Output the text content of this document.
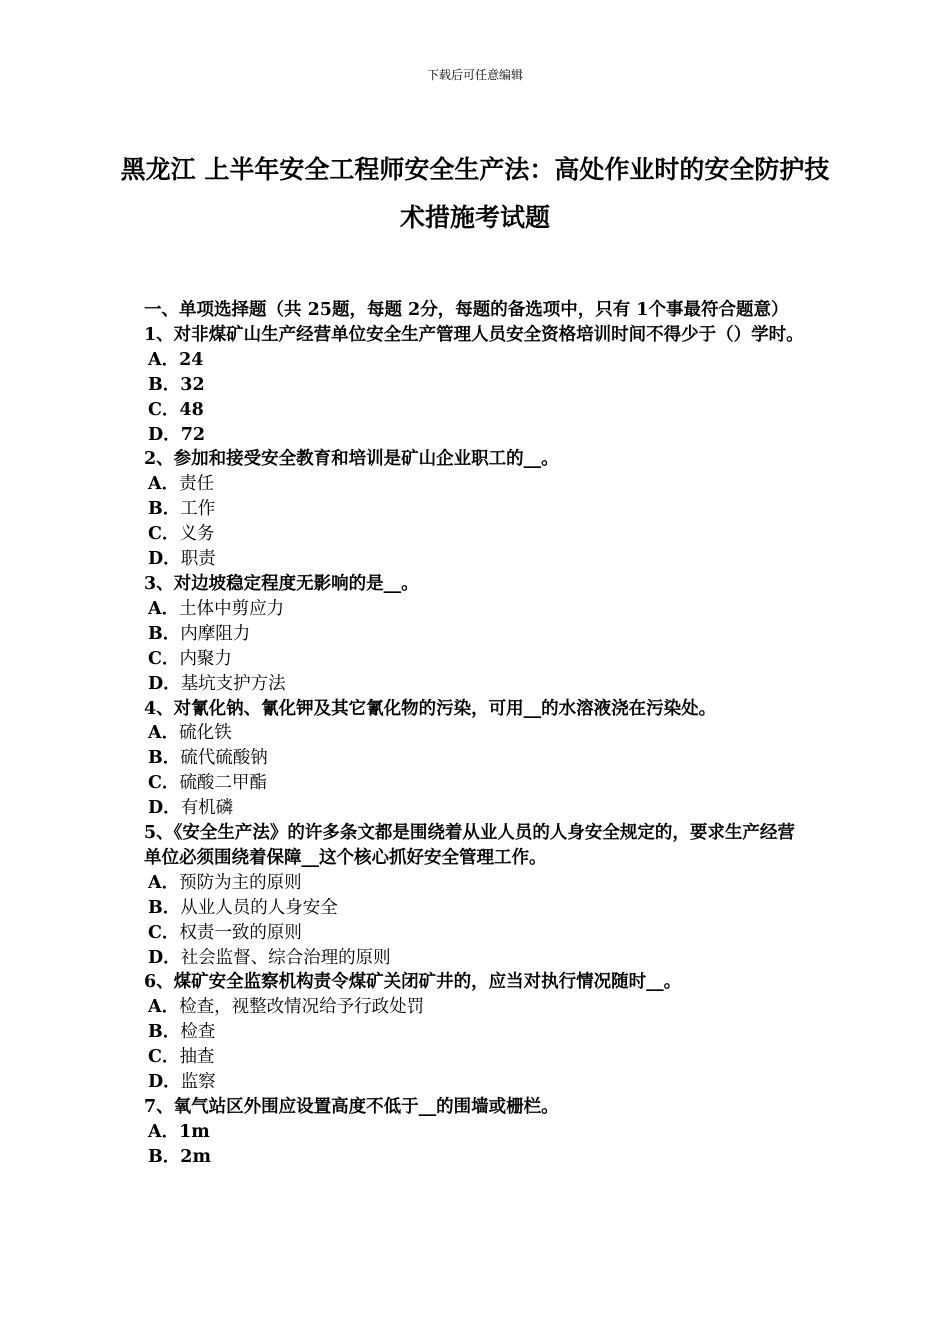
下载后可任意编辑
黑龙江 上半年安全工程师安全生产法：高处作业时的安全防护技术措施考试题

一、单项选择题（共 25题，每题 2分，每题的备选项中，只有 1个事最符合题意）

1、对非煤矿山生产经营单位安全生产管理人员安全资格培训时间不得少于（）学时。

A．24

B．32

C．48

D．72

2、参加和接受安全教育和培训是矿山企业职工的__。

A．责任

B．工作

C．义务

D．职责

3、对边坡稳定程度无影响的是__。

A．土体中剪应力

B．内摩阻力

C．内聚力

D．基坑支护方法

4、对氰化钠、氰化钾及其它氰化物的污染，可用__的水溶液浇在污染处。

A．硫化铁

B．硫代硫酸钠

C．硫酸二甲酯

D．有机磷

5、《安全生产法》的许多条文都是围绕着从业人员的人身安全规定的，要求生产经营单位必须围绕着保障__这个核心抓好安全管理工作。

A．预防为主的原则

B．从业人员的人身安全

C．权责一致的原则

D．社会监督、综合治理的原则

6、煤矿安全监察机构责令煤矿关闭矿井的，应当对执行情况随时__。

A．检查，视整改情况给予行政处罚

B．检查

C．抽查

D．监察

7、氧气站区外围应设置高度不低于__的围墙或栅栏。

A．1m

B．2m
